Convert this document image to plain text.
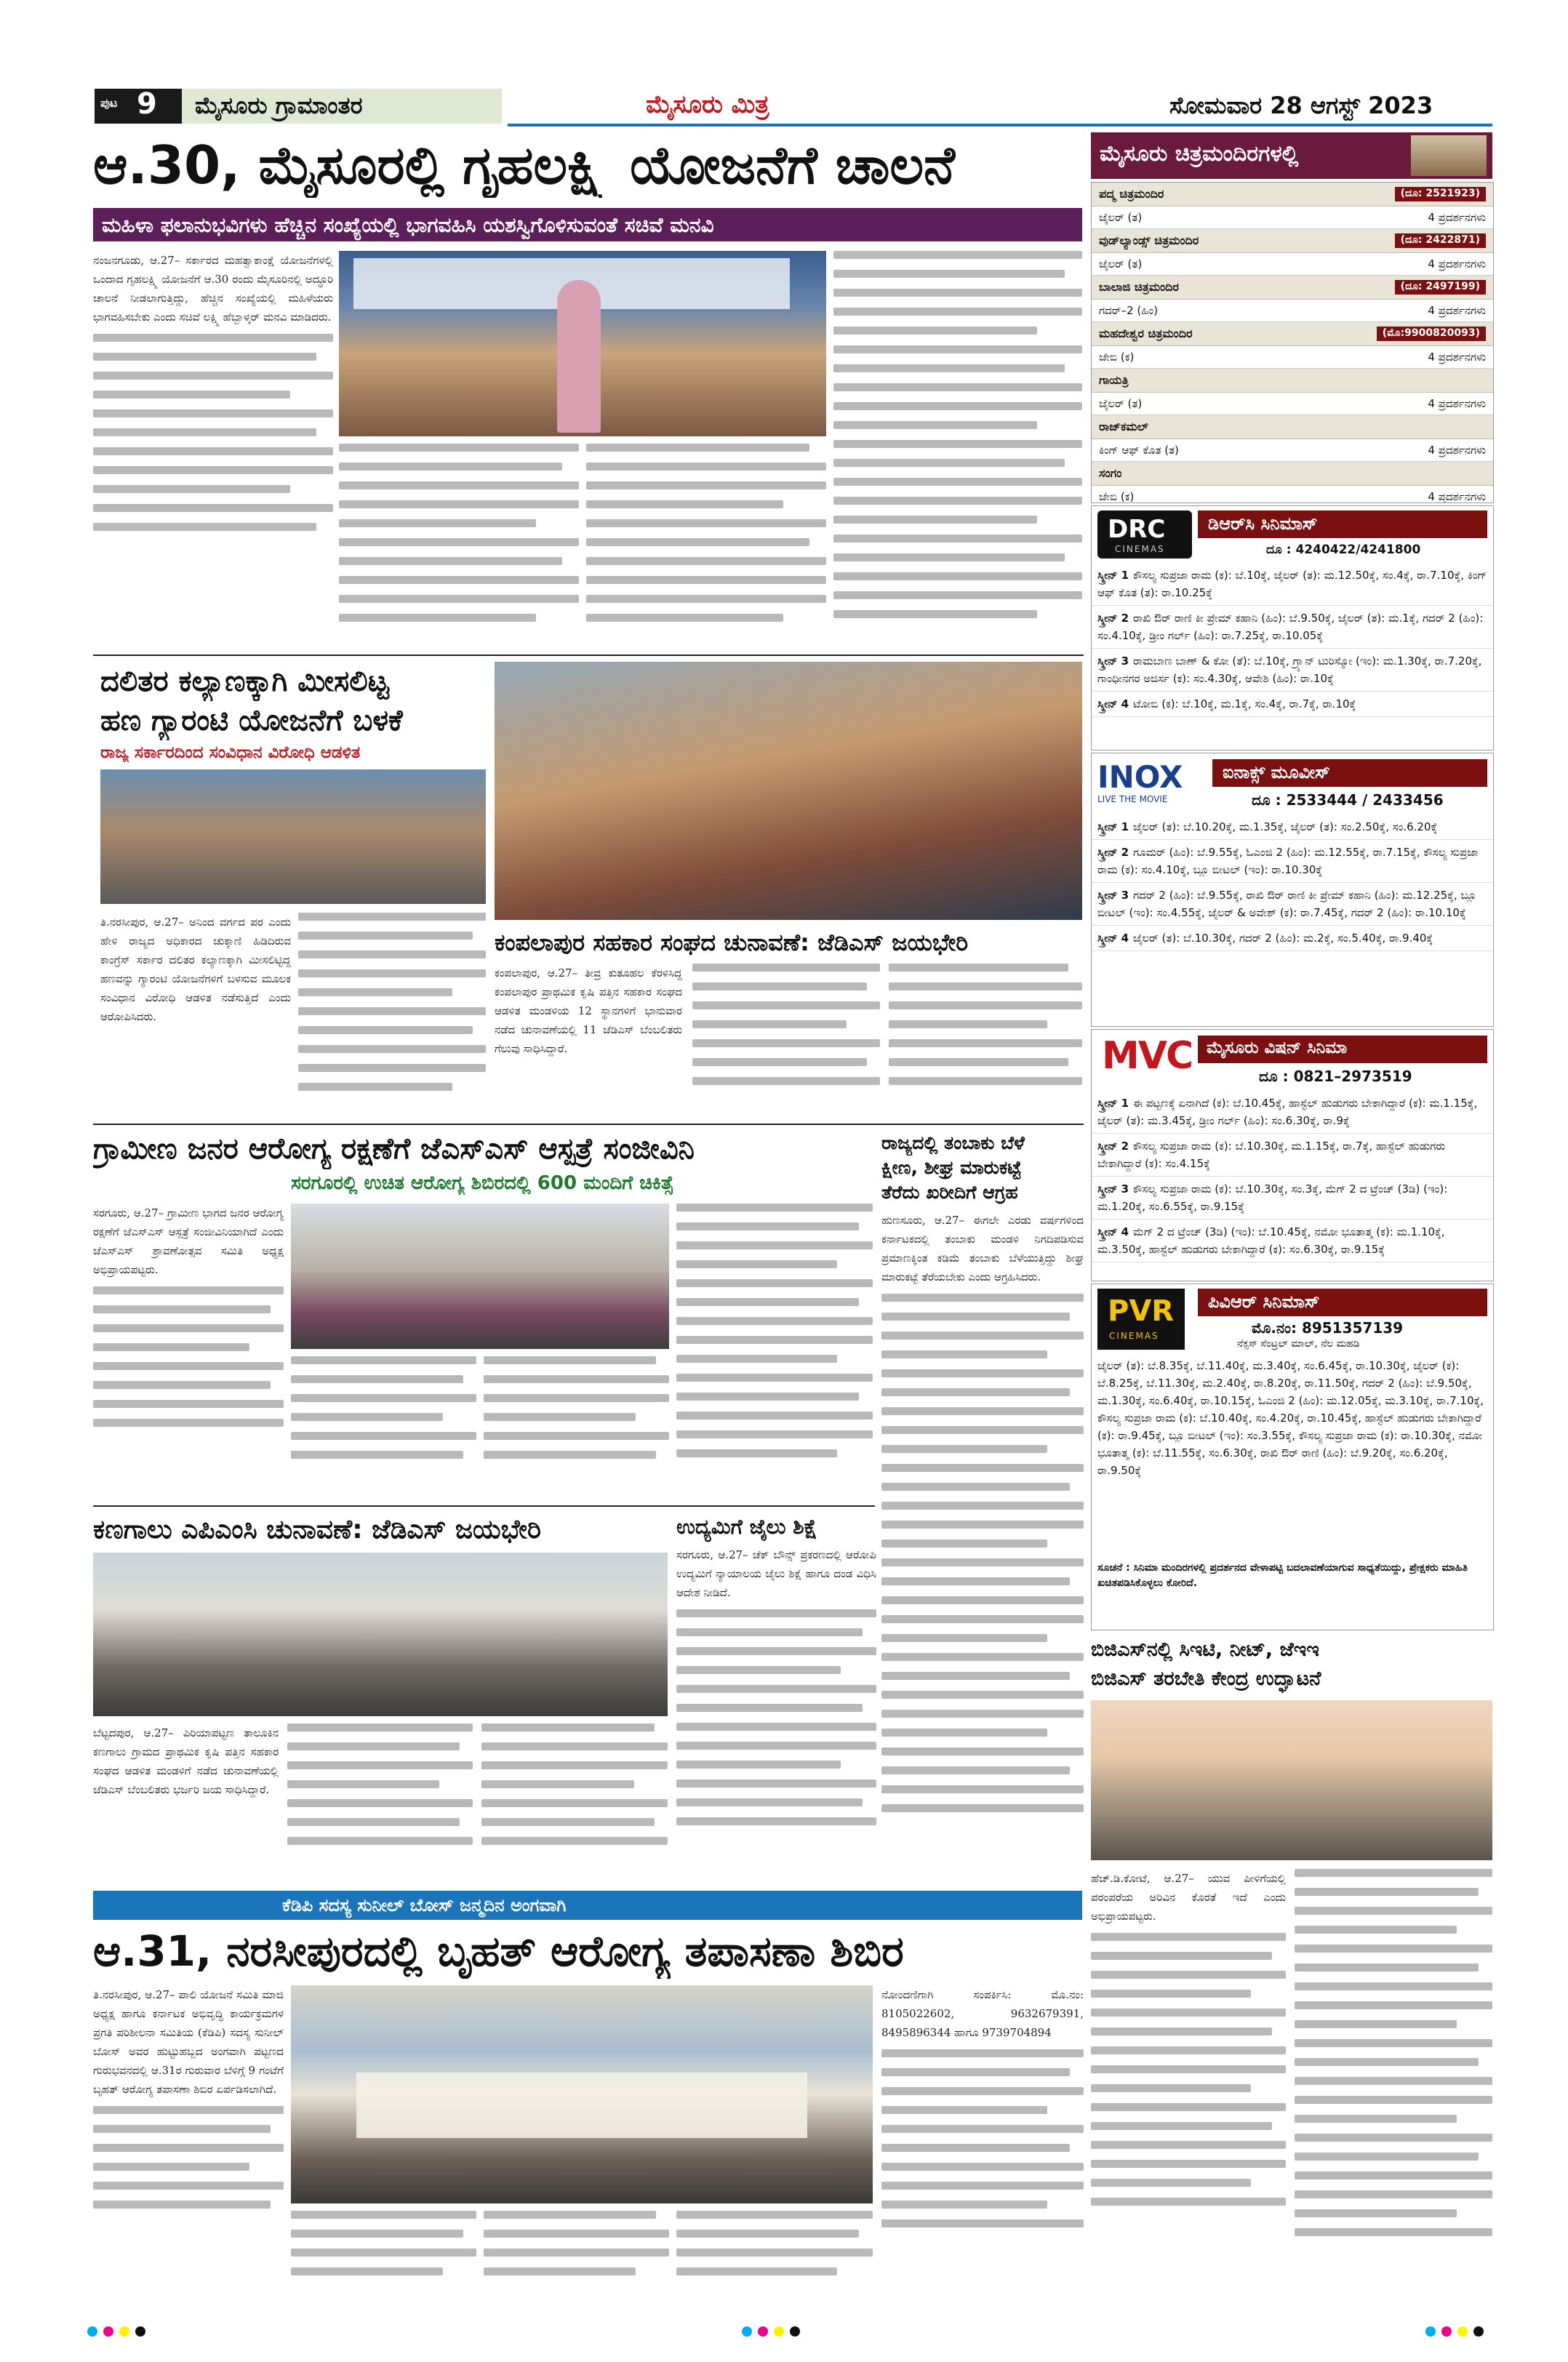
ಪುಟ 9 ಮೈಸೂರು ಗ್ರಾಮಾಂತರ	ಮೈಸೂರು ಮಿತ್ರ	ಸೋಮವಾರ 28 ಆಗಸ್ಟ್ 2023
ಆ.30, ಮೈಸೂರಲ್ಲಿ ಗೃಹಲಕ್ಷ್ಮಿ ಯೋಜನೆಗೆ ಚಾಲನೆ
ಮಹಿಳಾ ಫಲಾನುಭವಿಗಳು ಹೆಚ್ಚಿನ ಸಂಖ್ಯೆಯಲ್ಲಿ ಭಾಗವಹಿಸಿ ಯಶಸ್ವಿಗೊಳಿಸುವಂತೆ ಸಚಿವೆ ಮನವಿ
ನಂಜನಗೂಡು, ಆ.27– ಸರ್ಕಾರದ ಮಹತ್ವಾಕಾಂಕ್ಷೆ ಯೋಜನೆಗಳಲ್ಲಿ ಒಂದಾದ ಗೃಹಲಕ್ಷ್ಮಿ ಯೋಜನೆಗೆ ಆ.30 ರಂದು ಮೈಸೂರಿನಲ್ಲಿ ಅದ್ಧೂರಿ ಚಾಲನೆ ನೀಡಲಾಗುತ್ತಿದ್ದು, ಹೆಚ್ಚಿನ ಸಂಖ್ಯೆಯಲ್ಲಿ ಮಹಿಳೆಯರು ಭಾಗವಹಿಸಬೇಕು ಎಂದು ಸಚಿವೆ ಲಕ್ಷ್ಮಿ ಹೆಬ್ಬಾಳ್ಕರ್ ಮನವಿ ಮಾಡಿದರು.
ದಲಿತರ ಕಲ್ಯಾಣಕ್ಕಾಗಿ ಮೀಸಲಿಟ್ಟ
ಹಣ ಗ್ಯಾರಂಟಿ ಯೋಜನೆಗೆ ಬಳಕೆ
ರಾಜ್ಯ ಸರ್ಕಾರದಿಂದ ಸಂವಿಧಾನ ವಿರೋಧಿ ಆಡಳಿತ
ತಿ.ನರಸೀಪುರ, ಆ.27– ಅನಿಂದ ವರ್ಗದ ಪರ ಎಂದು ಹೇಳಿ ರಾಜ್ಯದ ಅಧಿಕಾರದ ಚುಕ್ಕಾಣಿ ಹಿಡಿದಿರುವ ಕಾಂಗ್ರೆಸ್ ಸರ್ಕಾರ ದಲಿತರ ಕಲ್ಯಾಣಕ್ಕಾಗಿ ಮೀಸಲಿಟ್ಟಿದ್ದ ಹಣವನ್ನು ಗ್ಯಾರಂಟಿ ಯೋಜನೆಗಳಿಗೆ ಬಳಸುವ ಮೂಲಕ ಸಂವಿಧಾನ ವಿರೋಧಿ ಆಡಳಿತ ನಡೆಸುತ್ತಿದೆ ಎಂದು ಆರೋಪಿಸಿದರು.
ಕಂಪಲಾಪುರ ಸಹಕಾರ ಸಂಘದ ಚುನಾವಣೆ: ಜೆಡಿಎಸ್ ಜಯಭೇರಿ
ಕಂಪಲಾಪುರ, ಆ.27– ತೀವ್ರ ಕುತೂಹಲ ಕೆರಳಿಸಿದ್ದ ಕಂಪಲಾಪುರ ಪ್ರಾಥಮಿಕ ಕೃಷಿ ಪತ್ತಿನ ಸಹಕಾರ ಸಂಘದ ಆಡಳಿತ ಮಂಡಳಿಯ 12 ಸ್ಥಾನಗಳಿಗೆ ಭಾನುವಾರ ನಡೆದ ಚುನಾವಣೆಯಲ್ಲಿ 11 ಜೆಡಿಎಸ್ ಬೆಂಬಲಿತರು ಗೆಲುವು ಸಾಧಿಸಿದ್ದಾರೆ.
ಗ್ರಾಮೀಣ ಜನರ ಆರೋಗ್ಯ ರಕ್ಷಣೆಗೆ ಜೆಎಸ್‌ಎಸ್ ಆಸ್ಪತ್ರೆ ಸಂಜೀವಿನಿ
ಸರಗೂರಲ್ಲಿ ಉಚಿತ ಆರೋಗ್ಯ ಶಿಬಿರದಲ್ಲಿ 600 ಮಂದಿಗೆ ಚಿಕಿತ್ಸೆ
ಸರಗೂರು, ಆ.27– ಗ್ರಾಮೀಣ ಭಾಗದ ಜನರ ಆರೋಗ್ಯ ರಕ್ಷಣೆಗೆ ಜೆಎಸ್‌ಎಸ್ ಆಸ್ಪತ್ರೆ ಸಂಜೀವಿನಿಯಾಗಿದೆ ಎಂದು ಜೆಎಸ್‌ಎಸ್ ಶ್ರಾವಣೋತ್ಸವ ಸಮಿತಿ ಅಧ್ಯಕ್ಷ ಅಭಿಪ್ರಾಯಪಟ್ಟರು.
ರಾಜ್ಯದಲ್ಲಿ ತಂಬಾಕು ಬೆಳೆ
ಕ್ಷೀಣ, ಶೀಘ್ರ ಮಾರುಕಟ್ಟೆ
ತೆರೆದು ಖರೀದಿಗೆ ಆಗ್ರಹ
ಹುಣಸೂರು, ಆ.27– ಈಗಲೇ ಎರಡು ವರ್ಷಗಳಿಂದ ಕರ್ನಾಟಕದಲ್ಲಿ ತಂಬಾಕು ಮಂಡಳಿ ನಿಗದಿಪಡಿಸುವ ಪ್ರಮಾಣಕ್ಕಿಂತ ಕಡಿಮೆ ತಂಬಾಕು ಬೆಳೆಯುತ್ತಿದ್ದು ಶೀಘ್ರ ಮಾರುಕಟ್ಟೆ ತೆರೆಯಬೇಕು ಎಂದು ಆಗ್ರಹಿಸಿದರು.
ಕಣಗಾಲು ಎಪಿಎಂಸಿ ಚುನಾವಣೆ: ಜೆಡಿಎಸ್ ಜಯಭೇರಿ
ಬೆಟ್ಟದಪುರ, ಆ.27– ಪಿರಿಯಾಪಟ್ಟಣ ತಾಲೂಕಿನ ಕಣಗಾಲು ಗ್ರಾಮದ ಪ್ರಾಥಮಿಕ ಕೃಷಿ ಪತ್ತಿನ ಸಹಕಾರ ಸಂಘದ ಆಡಳಿತ ಮಂಡಳಿಗೆ ನಡೆದ ಚುನಾವಣೆಯಲ್ಲಿ ಜೆಡಿಎಸ್ ಬೆಂಬಲಿತರು ಭರ್ಜರಿ ಜಯ ಸಾಧಿಸಿದ್ದಾರೆ.
ಉದ್ಯಮಿಗೆ ಜೈಲು ಶಿಕ್ಷೆ
ಸರಗೂರು, ಆ.27– ಚೆಕ್ ಬೌನ್ಸ್ ಪ್ರಕರಣದಲ್ಲಿ ಆರೋಪಿ ಉದ್ಯಮಿಗೆ ನ್ಯಾಯಾಲಯ ಜೈಲು ಶಿಕ್ಷೆ ಹಾಗೂ ದಂಡ ವಿಧಿಸಿ ಆದೇಶ ನೀಡಿದೆ.
ಕೆಡಿಪಿ ಸದಸ್ಯ ಸುನೀಲ್ ಬೋಸ್ ಜನ್ಮದಿನ ಅಂಗವಾಗಿ
ಆ.31, ನರಸೀಪುರದಲ್ಲಿ ಬೃಹತ್ ಆರೋಗ್ಯ ತಪಾಸಣಾ ಶಿಬಿರ
ತಿ.ನರಸೀಪುರ, ಆ.27– ಪಾಲಿ ಯೋಜನೆ ಸಮಿತಿ ಮಾಜಿ ಅಧ್ಯಕ್ಷ ಹಾಗೂ ಕರ್ನಾಟಕ ಅಭಿವೃದ್ಧಿ ಕಾರ್ಯಕ್ರಮಗಳ ಪ್ರಗತಿ ಪರಿಶೀಲನಾ ಸಮಿತಿಯ (ಕೆಡಿಪಿ) ಸದಸ್ಯ ಸುನೀಲ್ ಬೋಸ್ ಅವರ ಹುಟ್ಟುಹಬ್ಬದ ಅಂಗವಾಗಿ ಪಟ್ಟಣದ ಗುರುಭವನದಲ್ಲಿ ಆ.31ರ ಗುರುವಾರ ಬೆಳಿಗ್ಗೆ 9 ಗಂಟೆಗೆ ಬೃಹತ್ ಆರೋಗ್ಯ ತಪಾಸಣಾ ಶಿಬಿರ ಏರ್ಪಡಿಸಲಾಗಿದೆ.
ನೋಂದಣಿಗಾಗಿ ಸಂಪರ್ಕಿಸಿ: ಮೊ.ನಂ: 8105022602, 9632679391, 8495896344 ಹಾಗೂ 9739704894
ಮೈಸೂರು ಚಿತ್ರಮಂದಿರಗಳಲ್ಲಿ
ಪದ್ಮ ಚಿತ್ರಮಂದಿರ	(ದೂ: 2521923)
ಜೈಲರ್ (ತ)	4 ಪ್ರದರ್ಶನಗಳು
ವುಡ್‌ಲ್ಯಾಂಡ್ಸ್ ಚಿತ್ರಮಂದಿರ	(ದೂ: 2422871)
ಜೈಲರ್ (ತ)	4 ಪ್ರದರ್ಶನಗಳು
ಬಾಲಾಜಿ ಚಿತ್ರಮಂದಿರ	(ದೂ: 2497199)
ಗದರ್–2 (ಹಿಂ)	4 ಪ್ರದರ್ಶನಗಳು
ಮಹದೇಶ್ವರ ಚಿತ್ರಮಂದಿರ	(ಮೊ:9900820093)
ಜೇಬಿ (ಕ)	4 ಪ್ರದರ್ಶನಗಳು
ಗಾಯತ್ರಿ
ಜೈಲರ್ (ತ)	4 ಪ್ರದರ್ಶನಗಳು
ರಾಜ್‌ಕಮಲ್
ಕಿಂಗ್ ಆಫ್ ಕೊತ (ತ)	4 ಪ್ರದರ್ಶನಗಳು
ಸಂಗಂ
ಜೇಬಿ (ಕ)	4 ಪ್ರದರ್ಶನಗಳು
DRC
CINEMAS
ಡಿಆರ್‌ಸಿ ಸಿನಿಮಾಸ್
ದೂ : 4240422/4241800
ಸ್ಕ್ರೀನ್ 1 ಕೌಸಲ್ಯ ಸುಪ್ರಜಾ ರಾಮ (ಕ): ಬೆ.10ಕ್ಕೆ, ಜೈಲರ್ (ತ): ಮ.12.50ಕ್ಕೆ, ಸಂ.4ಕ್ಕೆ, ರಾ.7.10ಕ್ಕೆ, ಕಿಂಗ್ ಆಫ್ ಕೊತ (ತ): ರಾ.10.25ಕ್ಕೆ
ಸ್ಕ್ರೀನ್ 2 ರಾಖಿ ಔರ್ ರಾಣಿ ಕೀ ಪ್ರೇಮ್ ಕಹಾನಿ (ಹಿಂ): ಬೆ.9.50ಕ್ಕೆ, ಜೈಲರ್ (ತ): ಮ.1ಕ್ಕೆ, ಗದರ್ 2 (ಹಿಂ): ಸಂ.4.10ಕ್ಕೆ, ಡ್ರೀಂ ಗರ್ಲ್ (ಹಿಂ): ರಾ.7.25ಕ್ಕೆ, ರಾ.10.05ಕ್ಕೆ
ಸ್ಕ್ರೀನ್ 3 ರಾಮಬಾಣ ಬಾಣ್ & ಕೋ (ತೆ): ಬೆ.10ಕ್ಕೆ, ಗ್ರ್ಯಾನ್ ಟುರಿಸ್ಮೋ (ಇಂ): ಮ.1.30ಕ್ಕೆ, ರಾ.7.20ಕ್ಕೆ, ಗಾಂಧೀನಗರ ಅಜಿರ್ಸ (ಕ): ಸಂ.4.30ಕ್ಕೆ, ಆವೇಶಿ (ಹಿಂ): ರಾ.10ಕ್ಕೆ
ಸ್ಕ್ರೀನ್ 4 ಟೋಬಿ (ಕ): ಬೆ.10ಕ್ಕೆ, ಮ.1ಕ್ಕೆ, ಸಂ.4ಕ್ಕೆ, ರಾ.7ಕ್ಕೆ, ರಾ.10ಕ್ಕೆ
INOX
LIVE THE MOVIE
ಐನಾಕ್ಸ್ ಮೂವೀಸ್
ದೂ : 2533444 / 2433456
ಸ್ಕ್ರೀನ್ 1 ಜೈಲರ್ (ತ): ಬೆ.10.20ಕ್ಕೆ, ಮ.1.35ಕ್ಕೆ, ಜೈಲರ್ (ತ): ಸಂ.2.50ಕ್ಕೆ, ಸಂ.6.20ಕ್ಕೆ
ಸ್ಕ್ರೀನ್ 2 ಗೂಮರ್ (ಹಿಂ): ಬೆ.9.55ಕ್ಕೆ, ಓಎಂಜಿ 2 (ಹಿಂ): ಮ.12.55ಕ್ಕೆ, ರಾ.7.15ಕ್ಕೆ, ಕೌಸಲ್ಯ ಸುಪ್ರಜಾ ರಾಮ (ಕ): ಸಂ.4.10ಕ್ಕೆ, ಬ್ಲೂ ಬೀಟಲ್ (ಇಂ): ರಾ.10.30ಕ್ಕೆ
ಸ್ಕ್ರೀನ್ 3 ಗದರ್ 2 (ಹಿಂ): ಬೆ.9.55ಕ್ಕೆ, ರಾಖಿ ಔರ್ ರಾಣಿ ಕೀ ಪ್ರೇಮ್ ಕಹಾನಿ (ಹಿಂ): ಮ.12.25ಕ್ಕೆ, ಬ್ಲೂ ಬೀಟಲ್ (ಇಂ): ಸಂ.4.55ಕ್ಕೆ, ಜೈಲರ್ & ಅವೇಶ್ (ಕ): ರಾ.7.45ಕ್ಕೆ, ಗದರ್ 2 (ಹಿಂ): ರಾ.10.10ಕ್ಕೆ
ಸ್ಕ್ರೀನ್ 4 ಜೈಲರ್ (ತ): ಬೆ.10.30ಕ್ಕೆ, ಗದರ್ 2 (ಹಿಂ): ಮ.2ಕ್ಕೆ, ಸಂ.5.40ಕ್ಕೆ, ರಾ.9.40ಕ್ಕೆ
MVC ಮೈಸೂರು ವಿಷನ್ ಸಿನಿಮಾ
ದೂ : 0821–2973519
ಸ್ಕ್ರೀನ್ 1 ಈ ಪಟ್ಟಣಕ್ಕೆ ಏನಾಗಿದೆ (ಕ): ಬೆ.10.45ಕ್ಕೆ, ಹಾಸ್ಟೆಲ್ ಹುಡುಗರು ಬೇಕಾಗಿದ್ದಾರೆ (ಕ): ಮ.1.15ಕ್ಕೆ, ಜೈಲರ್ (ತ): ಮ.3.45ಕ್ಕೆ, ಡ್ರೀಂ ಗರ್ಲ್ (ಹಿಂ): ಸಂ.6.30ಕ್ಕೆ, ರಾ.9ಕ್ಕೆ
ಸ್ಕ್ರೀನ್ 2 ಕೌಸಲ್ಯ ಸುಪ್ರಜಾ ರಾಮ (ಕ): ಬೆ.10.30ಕ್ಕೆ, ಮ.1.15ಕ್ಕೆ, ರಾ.7ಕ್ಕೆ, ಹಾಸ್ಟೆಲ್ ಹುಡುಗರು ಬೇಕಾಗಿದ್ದಾರೆ (ಕ): ಸಂ.4.15ಕ್ಕೆ
ಸ್ಕ್ರೀನ್ 3 ಕೌಸಲ್ಯ ಸುಪ್ರಜಾ ರಾಮ (ಕ): ಬೆ.10.30ಕ್ಕೆ, ಸಂ.3ಕ್ಕೆ, ಮೆಗ್ 2 ದ ಟ್ರೆಂಚ್ (3ಡಿ) (ಇಂ): ಮ.1.20ಕ್ಕೆ, ಸಂ.6.55ಕ್ಕೆ, ರಾ.9.15ಕ್ಕೆ
ಸ್ಕ್ರೀನ್ 4 ಮೆಗ್ 2 ದ ಟ್ರೆಂಚ್ (3ಡಿ) (ಇಂ): ಬೆ.10.45ಕ್ಕೆ, ನಮೋ ಭೂತಾತ್ಮ (ಕ): ಮ.1.10ಕ್ಕೆ, ಮ.3.50ಕ್ಕೆ, ಹಾಸ್ಟೆಲ್ ಹುಡುಗರು ಬೇಕಾಗಿದ್ದಾರೆ (ಕ): ಸಂ.6.30ಕ್ಕೆ, ರಾ.9.15ಕ್ಕೆ
PVR
CINEMAS
ಪಿವಿಆರ್ ಸಿನಿಮಾಸ್
ಮೊ.ನಂ: 8951357139
ನೆಕ್ಸಸ್ ಸೆಂಟ್ರಲ್ ಮಾಲ್, ನೆಲ ಮಹಡಿ
ಜೈಲರ್ (ತ): ಬೆ.8.35ಕ್ಕೆ, ಬೆ.11.40ಕ್ಕೆ, ಮ.3.40ಕ್ಕೆ, ಸಂ.6.45ಕ್ಕೆ, ರಾ.10.30ಕ್ಕೆ, ಜೈಲರ್ (ಕ): ಬೆ.8.25ಕ್ಕೆ, ಬೆ.11.30ಕ್ಕೆ, ಮ.2.40ಕ್ಕೆ, ರಾ.8.20ಕ್ಕೆ, ರಾ.11.50ಕ್ಕೆ, ಗದರ್ 2 (ಹಿಂ): ಬೆ.9.50ಕ್ಕೆ, ಮ.1.30ಕ್ಕೆ, ಸಂ.6.40ಕ್ಕೆ, ರಾ.10.15ಕ್ಕೆ, ಓಎಂಜಿ 2 (ಹಿಂ): ಮ.12.05ಕ್ಕೆ, ಮ.3.10ಕ್ಕೆ, ರಾ.7.10ಕ್ಕೆ, ಕೌಸಲ್ಯ ಸುಪ್ರಜಾ ರಾಮ (ಕ): ಬೆ.10.40ಕ್ಕೆ, ಸಂ.4.20ಕ್ಕೆ, ರಾ.10.45ಕ್ಕೆ, ಹಾಸ್ಟೆಲ್ ಹುಡುಗರು ಬೇಕಾಗಿದ್ದಾರೆ (ಕ): ರಾ.9.45ಕ್ಕೆ, ಬ್ಲೂ ಬೀಟಲ್ (ಇಂ): ಸಂ.3.55ಕ್ಕೆ, ಕೌಸಲ್ಯ ಸುಪ್ರಜಾ ರಾಮ (ಕ): ರಾ.10.30ಕ್ಕೆ, ನಮೋ ಭೂತಾತ್ಮ (ಕ): ಬೆ.11.55ಕ್ಕೆ, ಸಂ.6.30ಕ್ಕೆ, ರಾಖಿ ಔರ್ ರಾಣಿ (ಹಿಂ): ಬೆ.9.20ಕ್ಕೆ, ಸಂ.6.20ಕ್ಕೆ, ರಾ.9.50ಕ್ಕೆ
ಸೂಚನೆ : ಸಿನಿಮಾ ಮಂದಿರಗಳಲ್ಲಿ ಪ್ರದರ್ಶನದ ವೇಳಾಪಟ್ಟಿ ಬದಲಾವಣೆಯಾಗುವ ಸಾಧ್ಯತೆಯಿದ್ದು, ಪ್ರೇಕ್ಷಕರು ಮಾಹಿತಿ ಖಚಿತಪಡಿಸಿಕೊಳ್ಳಲು ಕೋರಿದೆ.
ಬಿಜಿಎಸ್‌ನಲ್ಲಿ ಸಿಇಟಿ, ನೀಟ್, ಜೆಇಇ
ಬಿಜಿಎಸ್ ತರಬೇತಿ ಕೇಂದ್ರ ಉದ್ಘಾಟನೆ
ಹೆಚ್.ಡಿ.ಕೋಟೆ, ಆ.27– ಯುವ ಪೀಳಿಗೆಯಲ್ಲಿ ಪರಂಪರೆಯ ಅರಿವಿನ ಕೊರತೆ ಇದೆ ಎಂದು ಅಭಿಪ್ರಾಯಪಟ್ಟರು.
